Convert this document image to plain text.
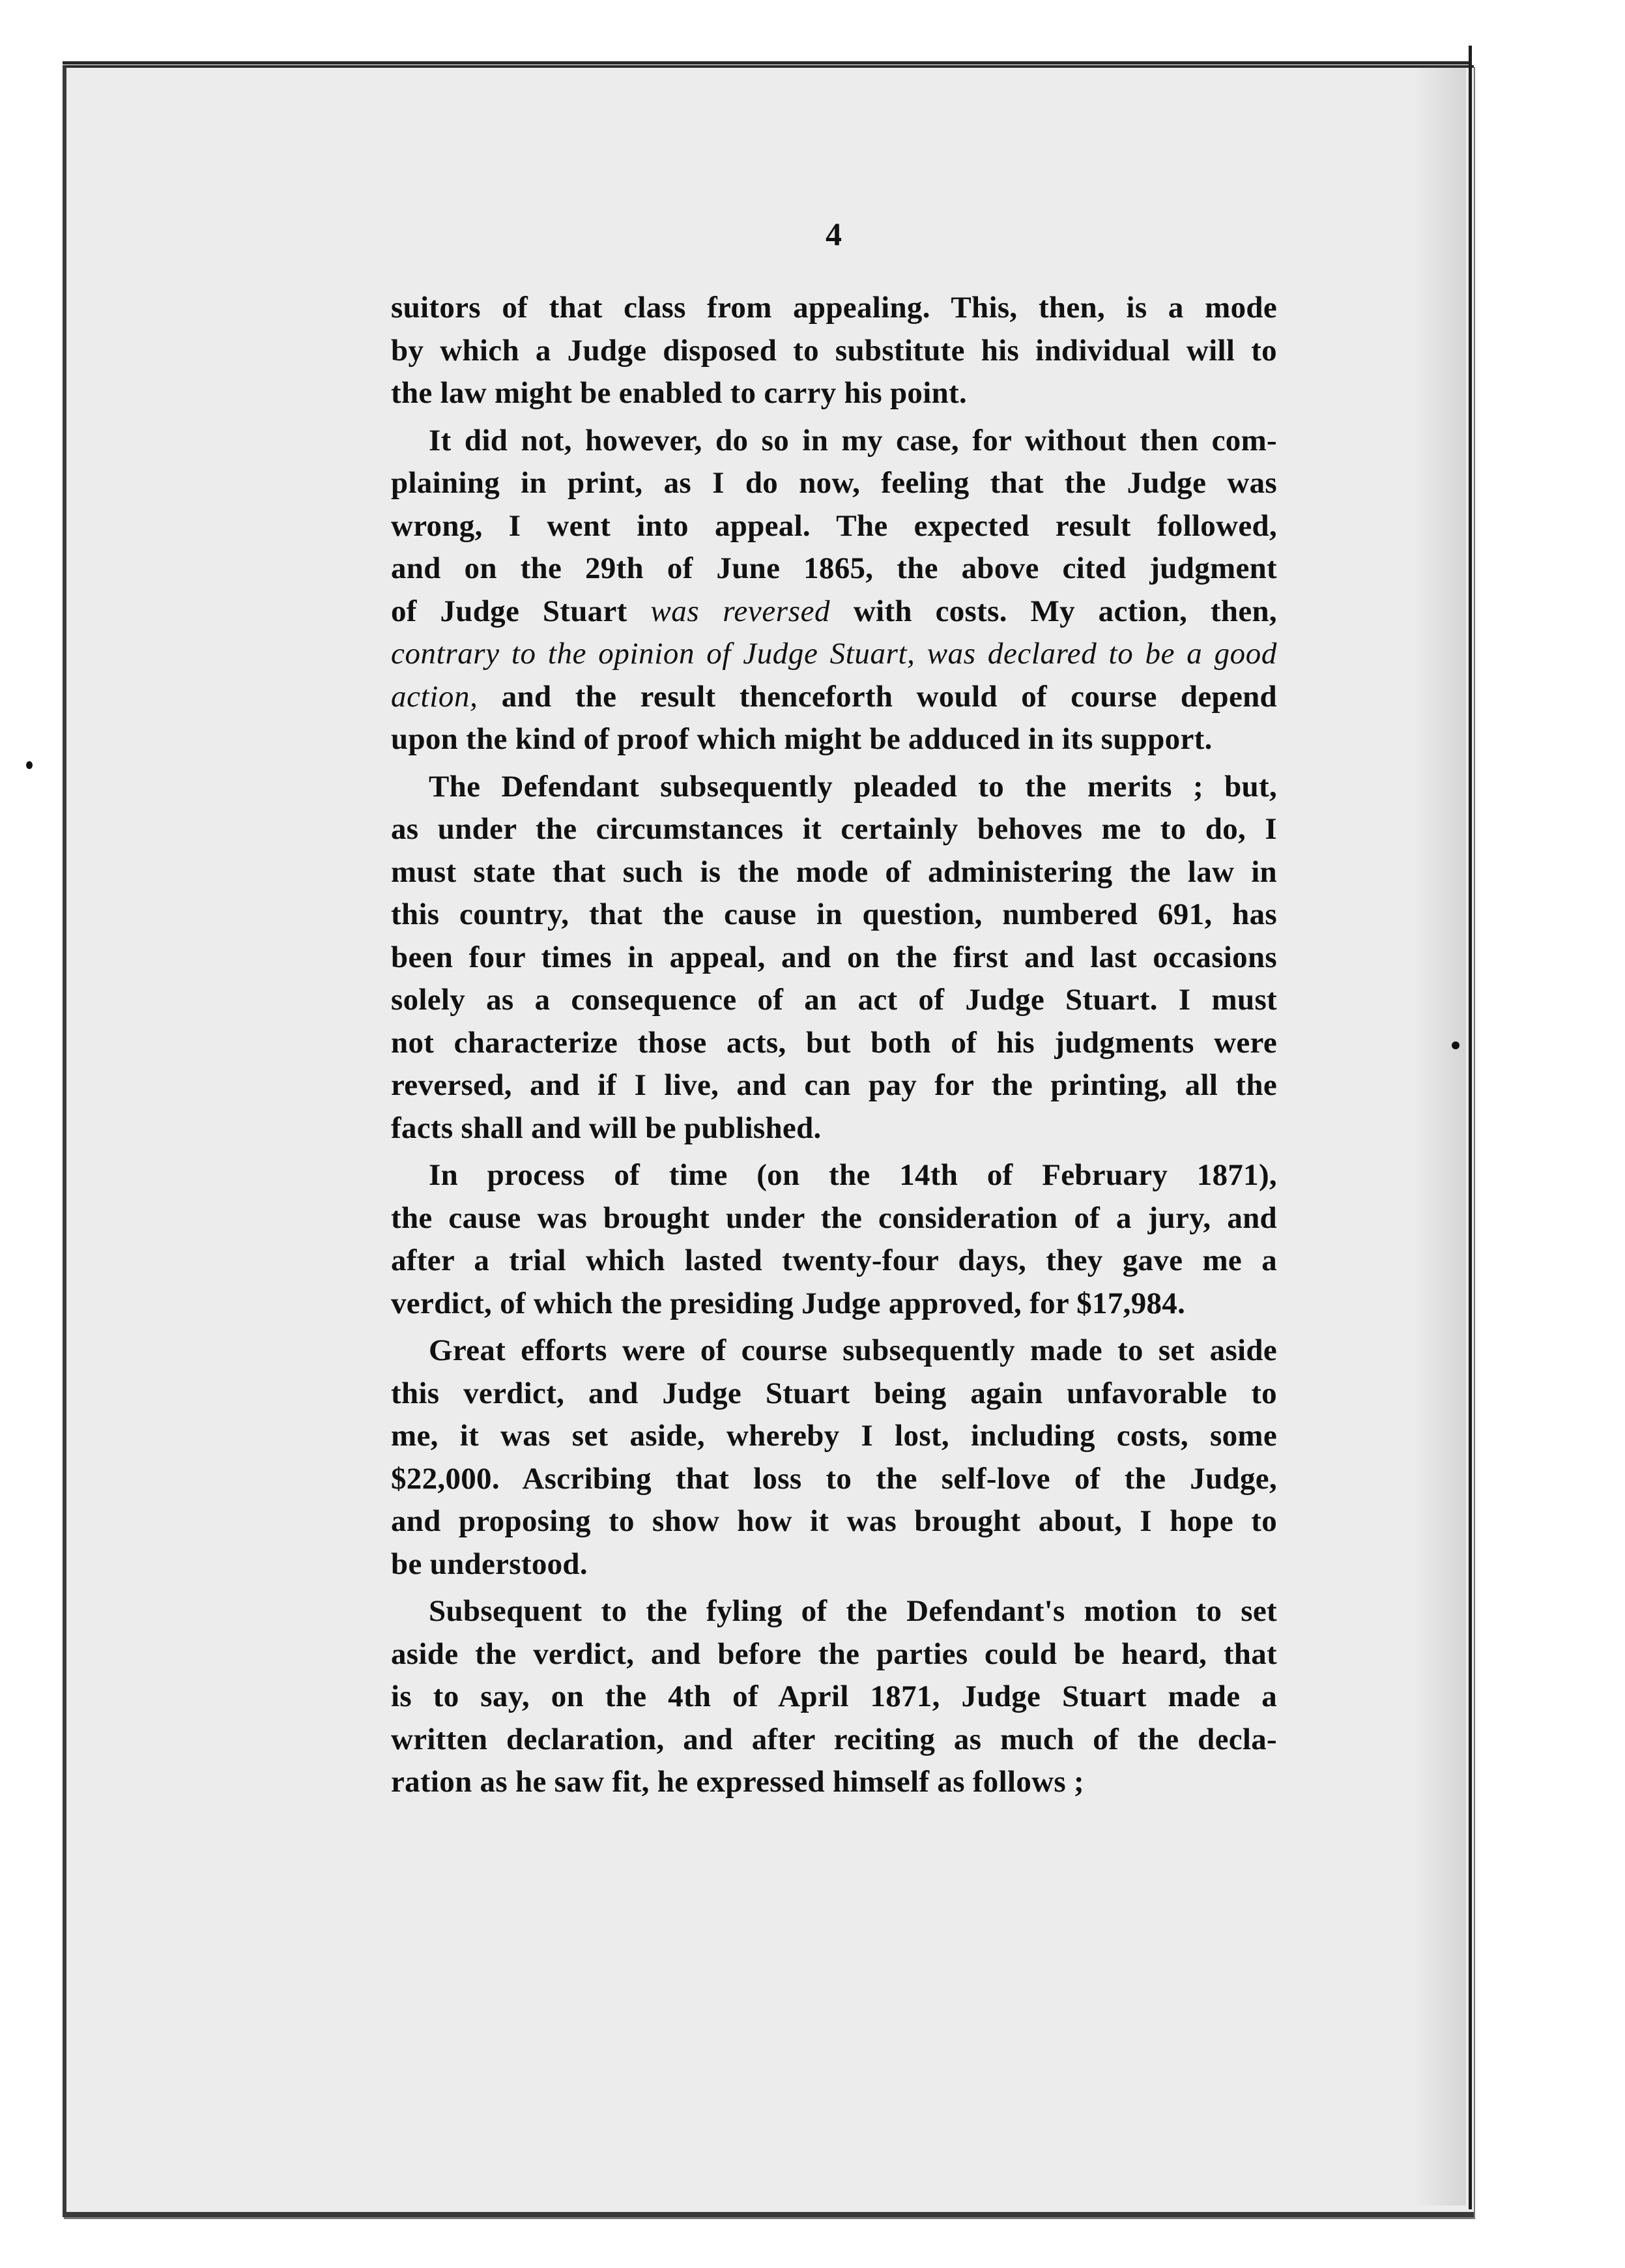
4
suitors of that class from appealing. This, then, is a mode
by which a Judge disposed to substitute his individual will to
the law might be enabled to carry his point.
It did not, however, do so in my case, for without then com-
plaining in print, as I do now, feeling that the Judge was
wrong, I went into appeal. The expected result followed,
and on the 29th of June 1865, the above cited judgment
of Judge Stuart was reversed with costs. My action, then,
contrary to the opinion of Judge Stuart, was declared to be a good
action, and the result thenceforth would of course depend
upon the kind of proof which might be adduced in its support.
The Defendant subsequently pleaded to the merits ; but,
as under the circumstances it certainly behoves me to do, I
must state that such is the mode of administering the law in
this country, that the cause in question, numbered 691, has
been four times in appeal, and on the first and last occasions
solely as a consequence of an act of Judge Stuart. I must
not characterize those acts, but both of his judgments were
reversed, and if I live, and can pay for the printing, all the
facts shall and will be published.
In process of time (on the 14th of February 1871),
the cause was brought under the consideration of a jury, and
after a trial which lasted twenty-four days, they gave me a
verdict, of which the presiding Judge approved, for $17,984.
Great efforts were of course subsequently made to set aside
this verdict, and Judge Stuart being again unfavorable to
me, it was set aside, whereby I lost, including costs, some
$22,000. Ascribing that loss to the self-love of the Judge,
and proposing to show how it was brought about, I hope to
be understood.
Subsequent to the fyling of the Defendant's motion to set
aside the verdict, and before the parties could be heard, that
is to say, on the 4th of April 1871, Judge Stuart made a
written declaration, and after reciting as much of the decla-
ration as he saw fit, he expressed himself as follows ;
